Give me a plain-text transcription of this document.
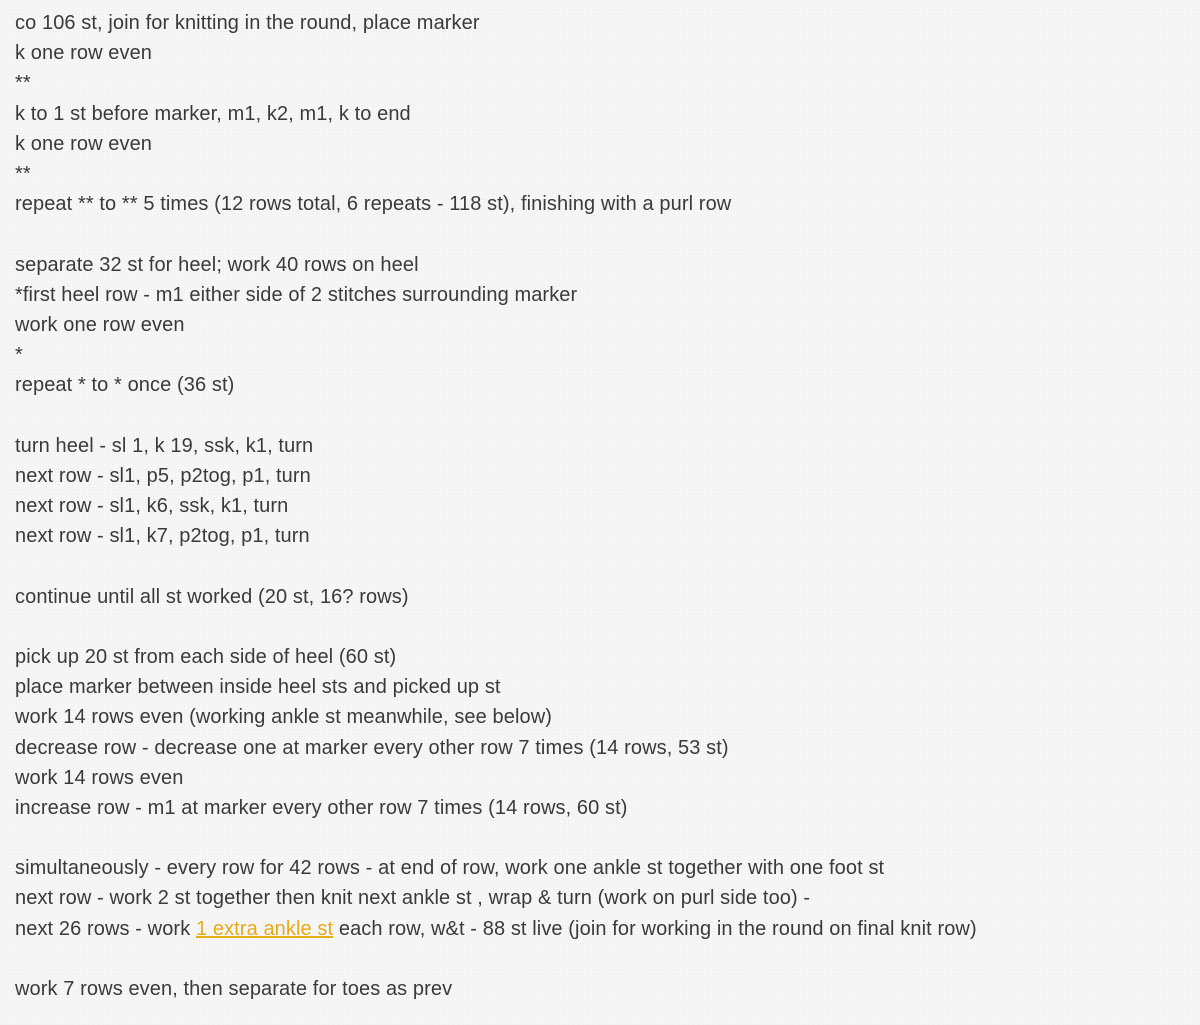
co 106 st, join for knitting in the round, place marker
k one row even
**
k to 1 st before marker, m1, k2, m1, k to end
k one row even
**
repeat ** to ** 5 times (12 rows total, 6 repeats - 118 st), finishing with a purl row
separate 32 st for heel; work 40 rows on heel
*first heel row - m1 either side of 2 stitches surrounding marker
work one row even
*
repeat * to * once (36 st)
turn heel - sl 1, k 19, ssk, k1, turn
next row - sl1, p5, p2tog, p1, turn
next row - sl1, k6, ssk, k1, turn
next row - sl1, k7, p2tog, p1, turn
continue until all st worked (20 st, 16? rows)
pick up 20 st from each side of heel (60 st)
place marker between inside heel sts and picked up st
work 14 rows even (working ankle st meanwhile, see below)
decrease row - decrease one at marker every other row 7 times (14 rows, 53 st)
work 14 rows even
increase row - m1 at marker every other row 7 times (14 rows, 60 st)
simultaneously - every row for 42 rows - at end of row, work one ankle st together with one foot st
next row - work 2 st together then knit next ankle st , wrap & turn (work on purl side too) -
next 26 rows - work 1 extra ankle st each row, w&t - 88 st live (join for working in the round on final knit row)
work 7 rows even, then separate for toes as prev
